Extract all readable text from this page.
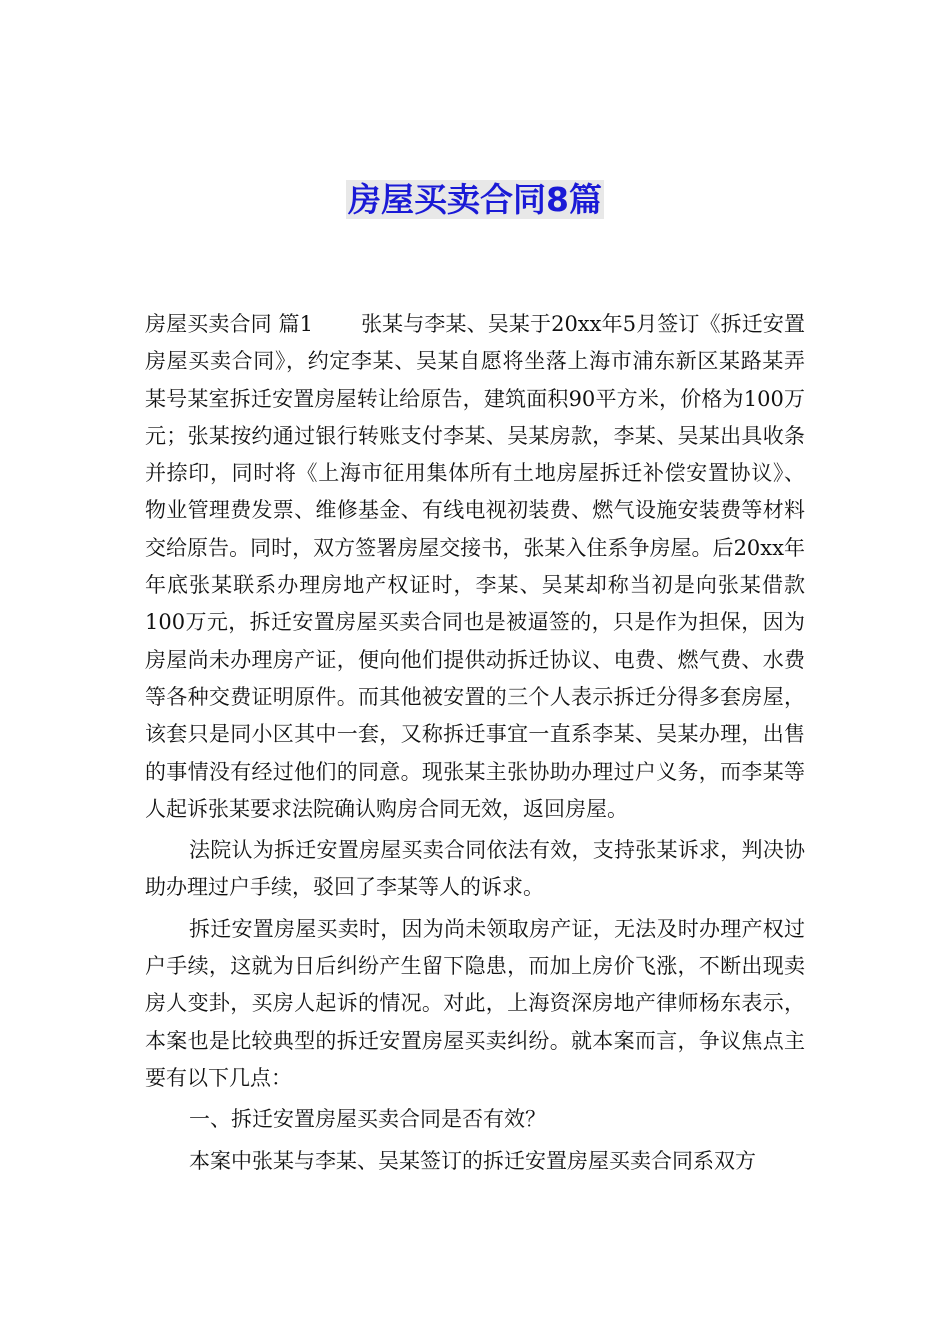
房屋买卖合同8篇

房屋买卖合同 篇1 张某与李某、吴某于20xx年5月签订《拆迁安置房屋买卖合同》，约定李某、吴某自愿将坐落上海市浦东新区某路某弄某号某室拆迁安置房屋转让给原告，建筑面积90平方米，价格为100万元；张某按约通过银行转账支付李某、吴某房款，李某、吴某出具收条并捺印，同时将《上海市征用集体所有土地房屋拆迁补偿安置协议》、物业管理费发票、维修基金、有线电视初装费、燃气设施安装费等材料交给原告。同时，双方签署房屋交接书，张某入住系争房屋。后20xx年年底张某联系办理房地产权证时，李某、吴某却称当初是向张某借款100万元，拆迁安置房屋买卖合同也是被逼签的，只是作为担保，因为房屋尚未办理房产证，便向他们提供动拆迁协议、电费、燃气费、水费等各种交费证明原件。而其他被安置的三个人表示拆迁分得多套房屋，该套只是同小区其中一套，又称拆迁事宜一直系李某、吴某办理，出售的事情没有经过他们的同意。现张某主张协助办理过户义务，而李某等人起诉张某要求法院确认购房合同无效，返回房屋。

法院认为拆迁安置房屋买卖合同依法有效，支持张某诉求，判决协助办理过户手续，驳回了李某等人的诉求。

拆迁安置房屋买卖时，因为尚未领取房产证，无法及时办理产权过户手续，这就为日后纠纷产生留下隐患，而加上房价飞涨，不断出现卖房人变卦，买房人起诉的情况。对此，上海资深房地产律师杨东表示，本案也是比较典型的拆迁安置房屋买卖纠纷。就本案而言，争议焦点主要有以下几点：

一、拆迁安置房屋买卖合同是否有效？

本案中张某与李某、吴某签订的拆迁安置房屋买卖合同系双方
